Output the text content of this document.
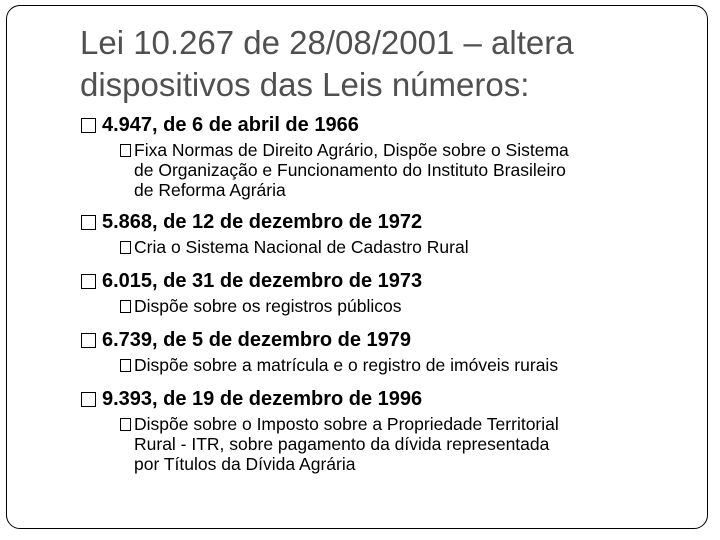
Lei 10.267 de 28/08/2001 – altera
dispositivos das Leis números:
4.947, de 6 de abril de 1966
Fixa Normas de Direito Agrário, Dispõe sobre o Sistema
de Organização e Funcionamento do Instituto Brasileiro
de Reforma Agrária
5.868, de 12 de dezembro de 1972
Cria o Sistema Nacional de Cadastro Rural
6.015, de 31 de dezembro de 1973
Dispõe sobre os registros públicos
6.739, de 5 de dezembro de 1979
Dispõe sobre a matrícula e o registro de imóveis rurais
9.393, de 19 de dezembro de 1996
Dispõe sobre o Imposto sobre a Propriedade Territorial
Rural - ITR, sobre pagamento da dívida representada
por Títulos da Dívida Agrária
